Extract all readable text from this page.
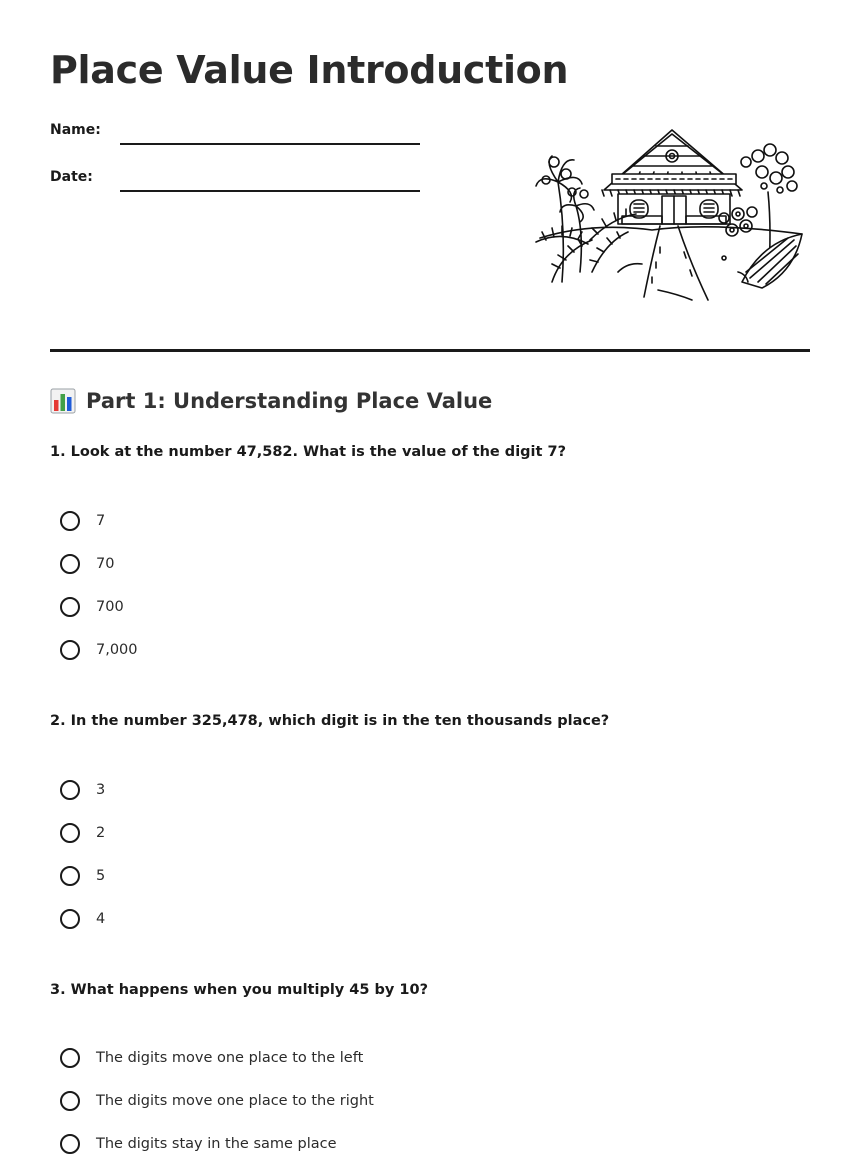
Place Value Introduction
Name:
Date:
Part 1: Understanding Place Value

1. Look at the number 47,582. What is the value of the digit 7?

7
70
700
7,000

2. In the number 325,478, which digit is in the ten thousands place?

3
2
5
4

3. What happens when you multiply 45 by 10?

The digits move one place to the left
The digits move one place to the right
The digits stay in the same place
